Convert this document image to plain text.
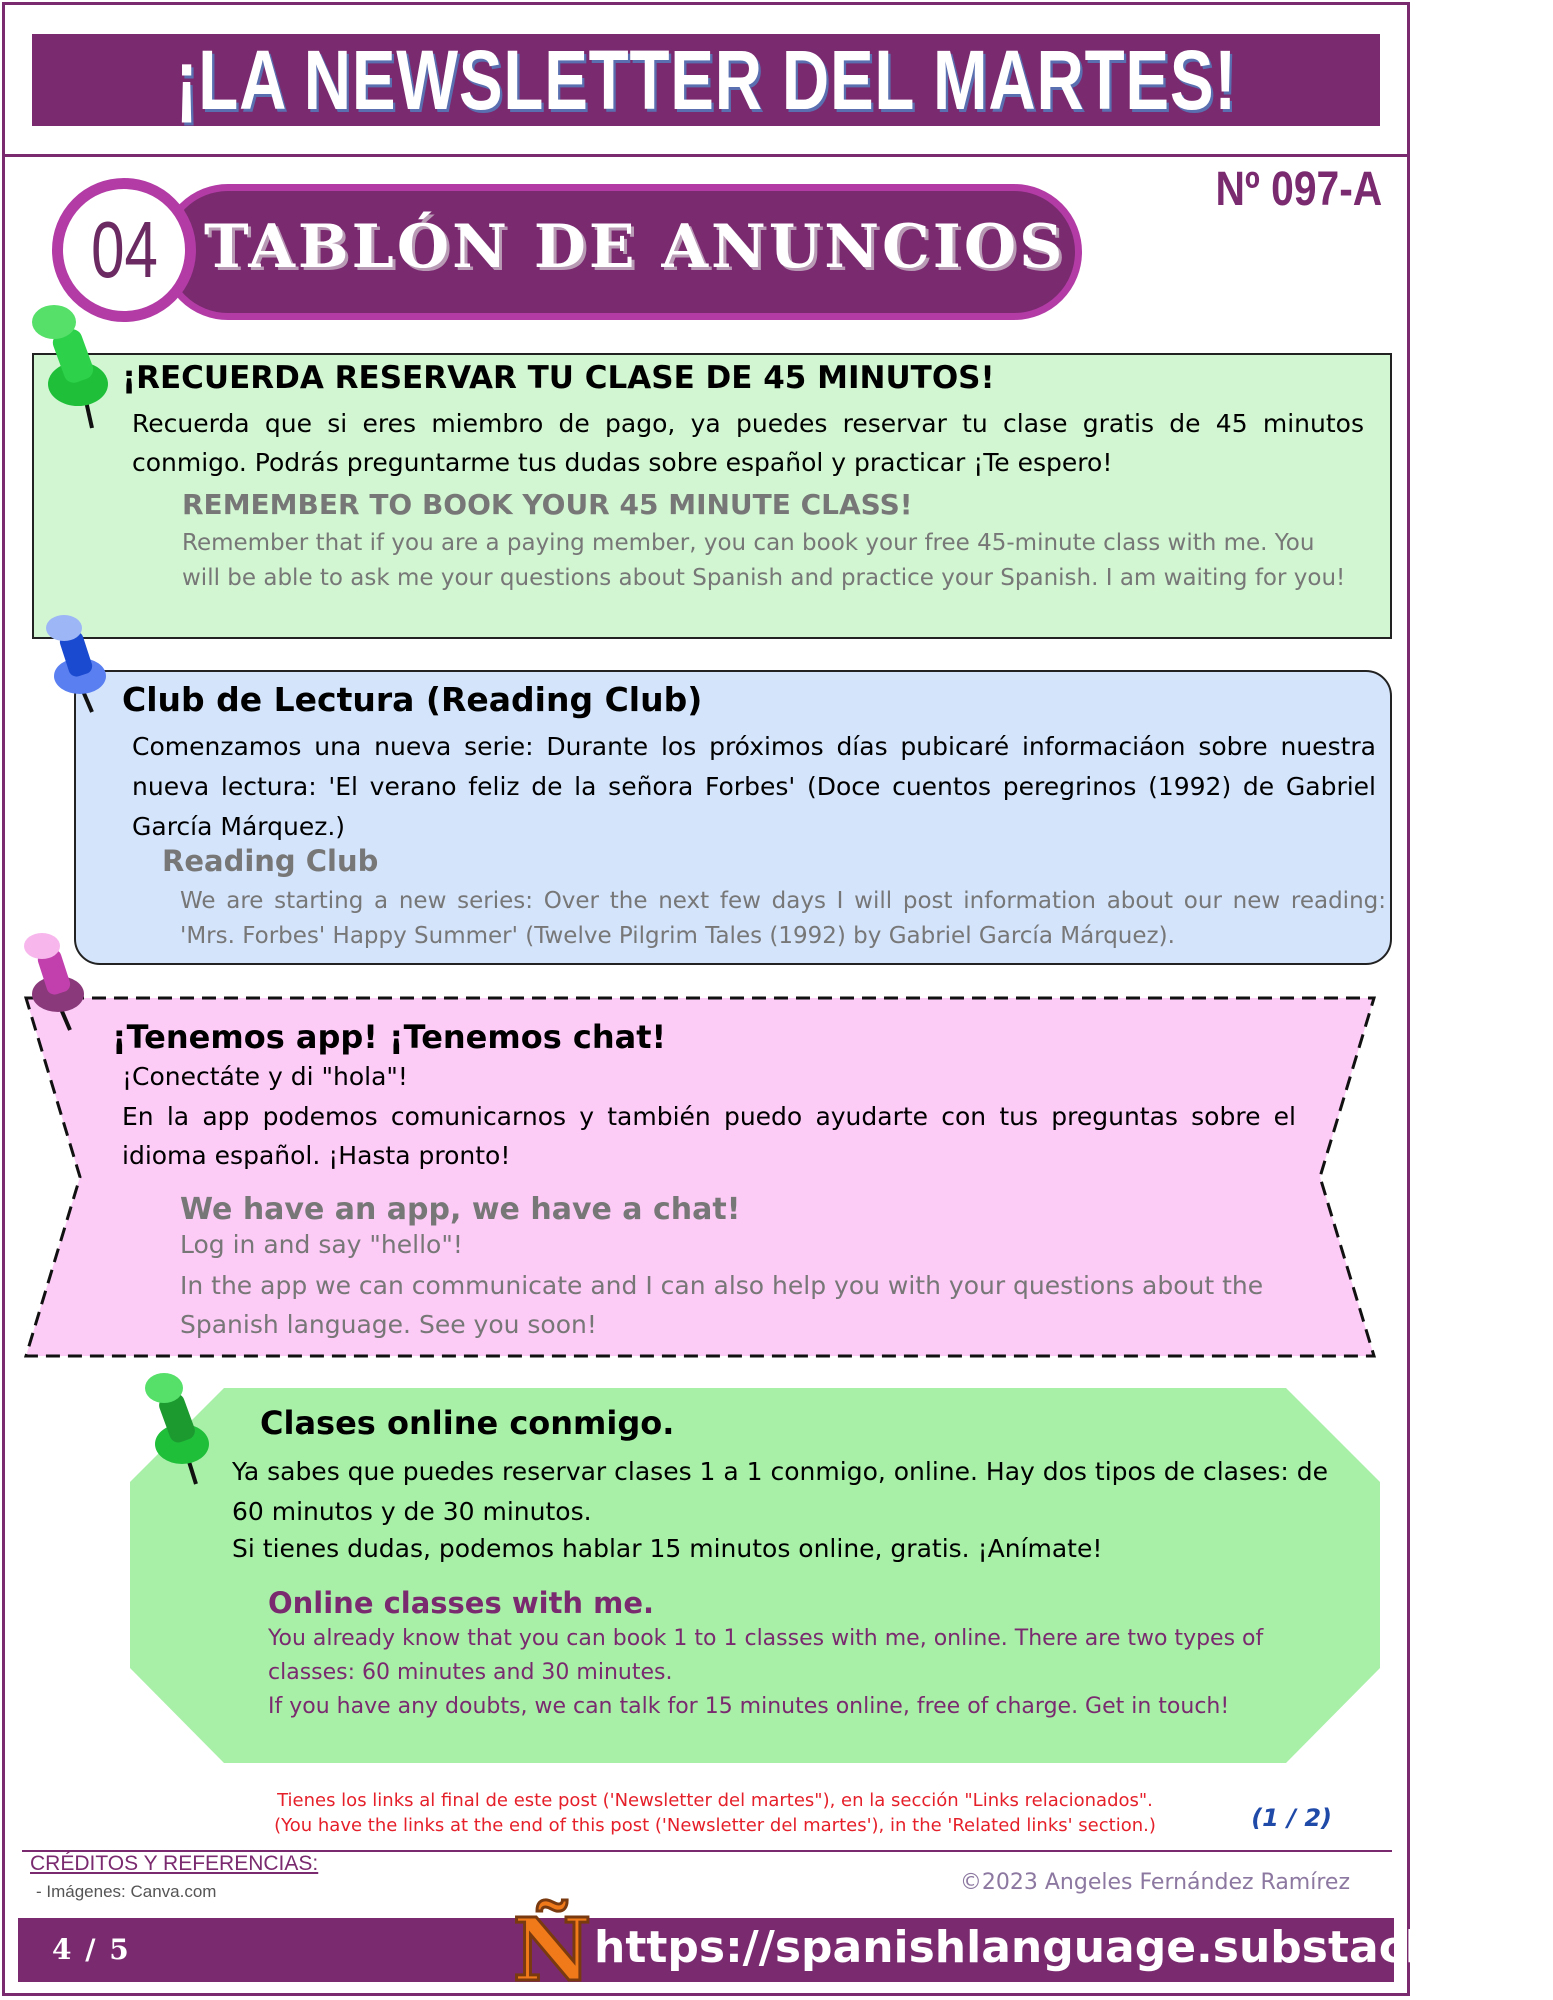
¡LA NEWSLETTER DEL MARTES!
Nº 097-A
TABLÓN DE ANUNCIOS
04
¡RECUERDA RESERVAR TU CLASE DE 45 MINUTOS!
Recuerda que si eres miembro de pago, ya puedes reservar tu clase gratis de 45 minutos conmigo. Podrás preguntarme tus dudas sobre español y practicar ¡Te espero!
REMEMBER TO BOOK YOUR 45 MINUTE CLASS!
Remember that if you are a paying member, you can book your free 45-minute class with me. You will be able to ask me your questions about Spanish and practice your Spanish. I am waiting for you!
Club de Lectura (Reading Club)
Comenzamos una nueva serie: Durante los próximos días pubicaré informaciáon sobre nuestra nueva lectura: 'El verano feliz de la señora Forbes' (Doce cuentos peregrinos (1992) de Gabriel García Márquez.)
Reading Club
We are starting a new series: Over the next few days I will post information about our new reading: 'Mrs. Forbes' Happy Summer' (Twelve Pilgrim Tales (1992) by Gabriel García Márquez).
¡Tenemos app! ¡Tenemos chat!
¡Conectáte y di "hola"!
En la app podemos comunicarnos y también puedo ayudarte con tus preguntas sobre el idioma español. ¡Hasta pronto!
We have an app, we have a chat!
Log in and say "hello"!
In the app we can communicate and I can also help you with your questions about the Spanish language. See you soon!
Clases online conmigo.
Ya sabes que puedes reservar clases 1 a 1 conmigo, online. Hay dos tipos de clases: de 60 minutos y de 30 minutos.
Si tienes dudas, podemos hablar 15 minutos online, gratis. ¡Anímate!
Online classes with me.
You already know that you can book 1 to 1 classes with me, online. There are two types of classes: 60 minutes and 30 minutes.
If you have any doubts, we can talk for 15 minutes online, free of charge. Get in touch!
Tienes los links al final de este post ('Newsletter del martes"), en la sección "Links relacionados".
(You have the links at the end of this post ('Newsletter del martes'), in the 'Related links' section.)	(1 / 2)
CRÉDITOS Y REFERENCIAS:
- Imágenes: Canva.com	©2023 Angeles Fernández Ramírez
4 / 5	Ñ https://spanishlanguage.substack.com
